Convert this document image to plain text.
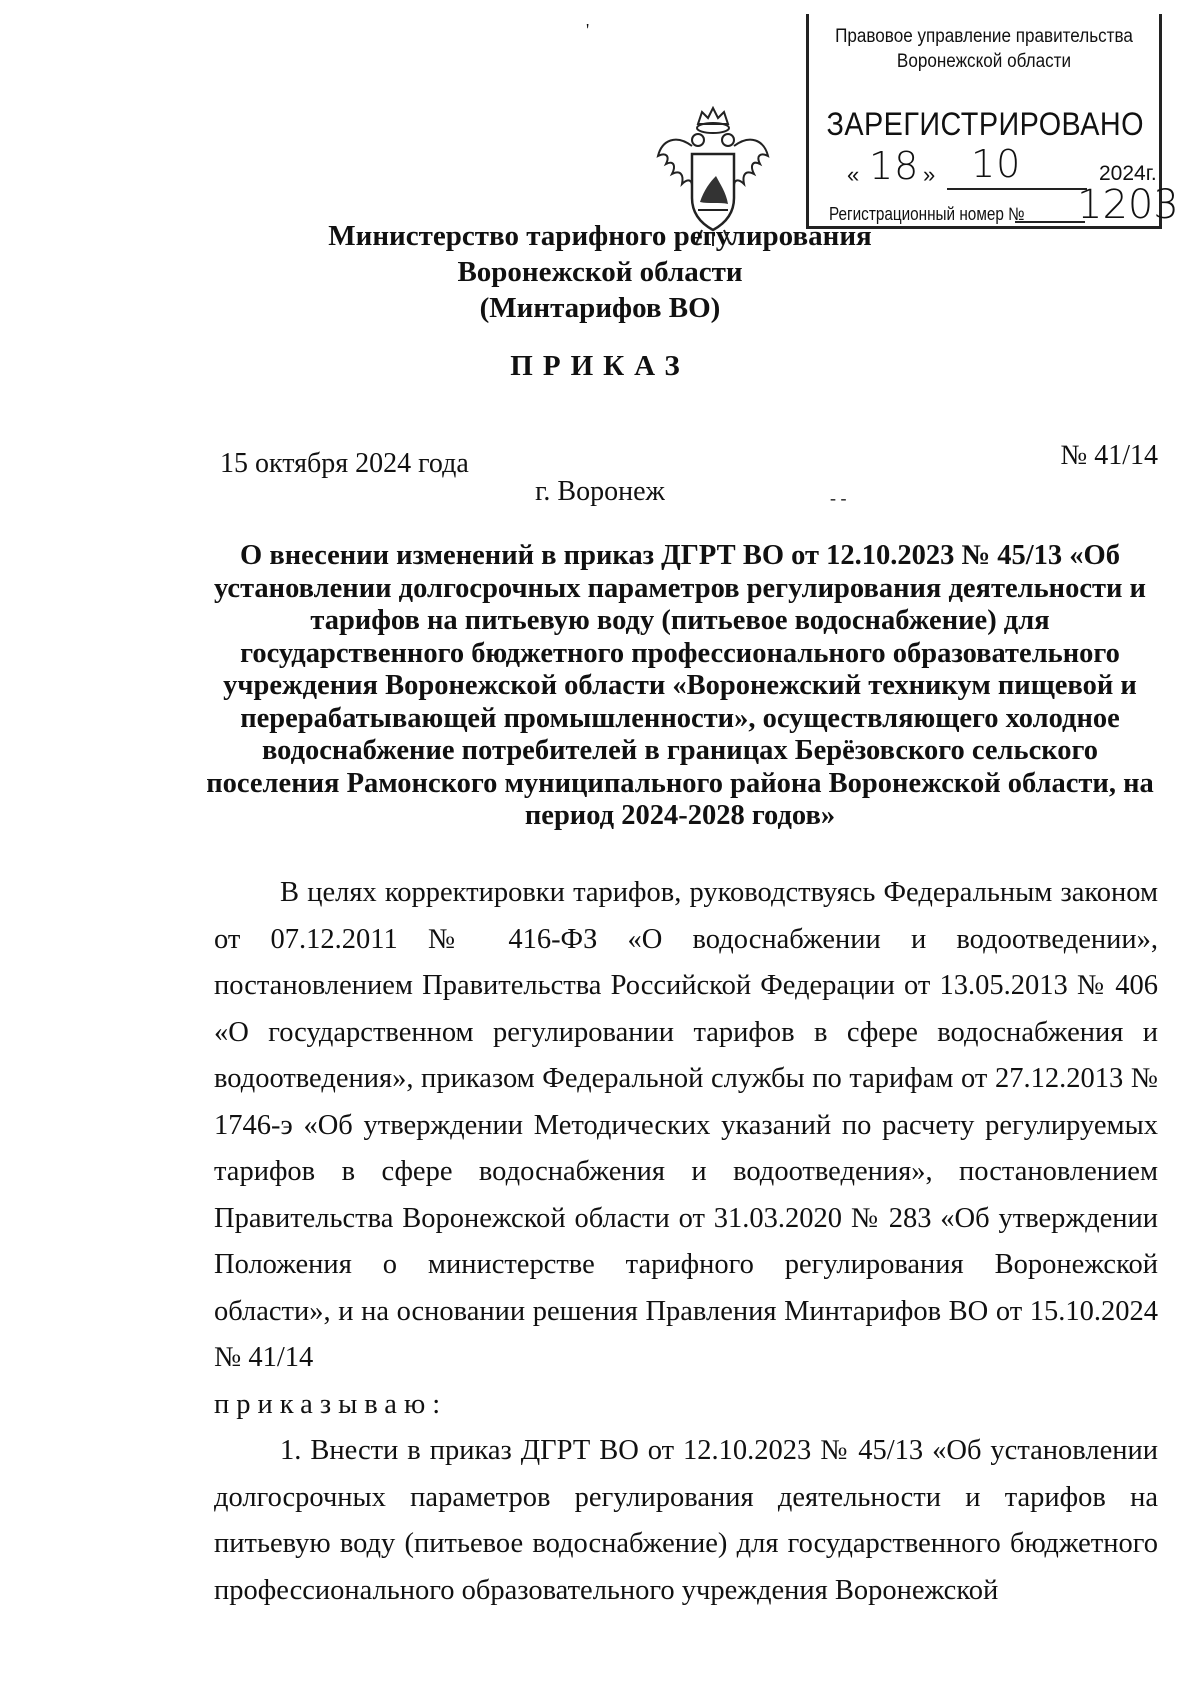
Правовое управление правительства
Воронежской области
ЗАРЕГИСТРИРОВАНО
« 18 » 10	2024г.
Регистрационный номер № 1203
Министерство тарифного регулирования
Воронежской области
(Минтарифов ВО)
ПРИКАЗ
15 октября 2024 года	№ 41/14
г. Воронеж	- -
'
О внесении изменений в приказ ДГРТ ВО от 12.10.2023 № 45/13 «Об установлении долгосрочных параметров регулирования деятельности и тарифов на питьевую воду (питьевое водоснабжение) для государственного бюджетного профессионального образовательного учреждения Воронежской области «Воронежский техникум пищевой и перерабатывающей промышленности», осуществляющего холодное водоснабжение потребителей в границах Берёзовского сельского поселения Рамонского муниципального района Воронежской области, на период 2024-2028 годов»

В целях корректировки тарифов, руководствуясь Федеральным законом от 07.12.2011 № 416-ФЗ «О водоснабжении и водоотведении», постановлением Правительства Российской Федерации от 13.05.2013 № 406 «О государственном регулировании тарифов в сфере водоснабжения и водоотведения», приказом Федеральной службы по тарифам от 27.12.2013 № 1746-э «Об утверждении Методических указаний по расчету регулируемых тарифов в сфере водоснабжения и водоотведения», постановлением Правительства Воронежской области от 31.03.2020 № 283 «Об утверждении Положения о министерстве тарифного регулирования Воронежской области», и на основании решения Правления Минтарифов ВО от 15.10.2024 № 41/14

приказываю:

1. Внести в приказ ДГРТ ВО от 12.10.2023 № 45/13 «Об установлении долгосрочных параметров регулирования деятельности и тарифов на питьевую воду (питьевое водоснабжение) для государственного бюджетного профессионального образовательного учреждения Воронежской
